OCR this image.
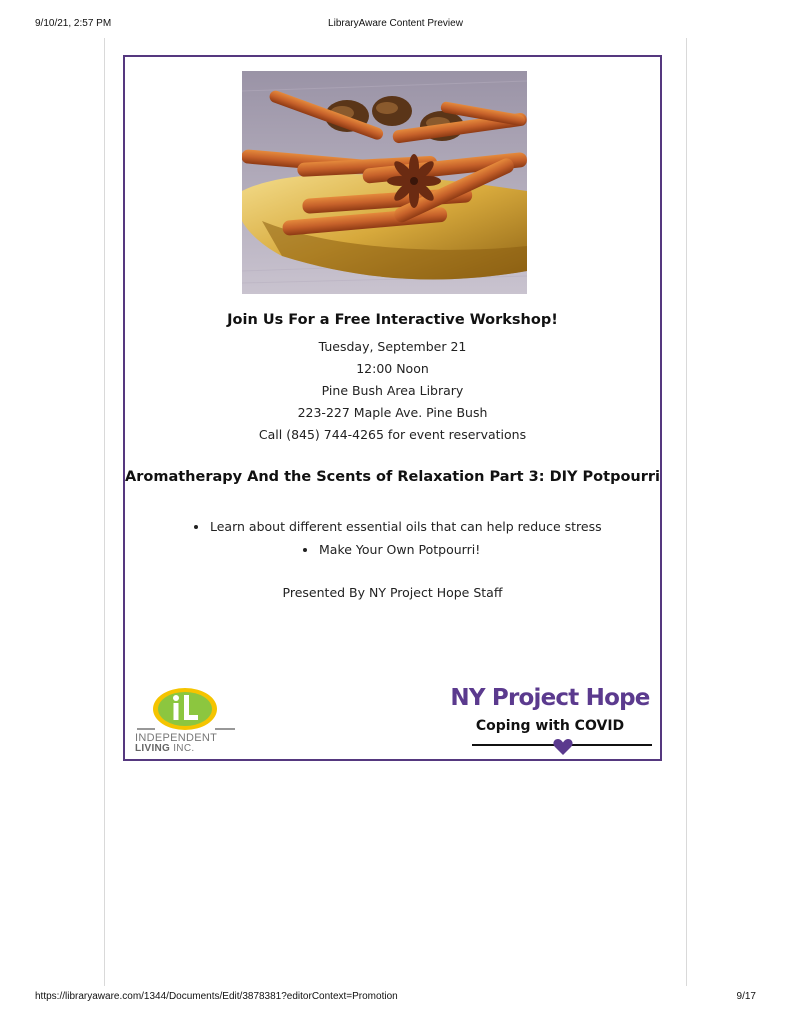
9/10/21, 2:57 PM	LibraryAware Content Preview
Join Us For a Free Interactive Workshop!
Tuesday, September 21
12:00 Noon
Pine Bush Area Library
223-227 Maple Ave. Pine Bush
Call (845) 744-4265 for event reservations
Aromatherapy And the Scents of Relaxation Part 3: DIY Potpourri
Learn about different essential oils that can help reduce stress
Make Your Own Potpourri!
Presented By NY Project Hope Staff
INDEPENDENT
LIVING INC.
NY Project Hope
Coping with COVID
https://libraryaware.com/1344/Documents/Edit/3878381?editorContext=Promotion	9/17
